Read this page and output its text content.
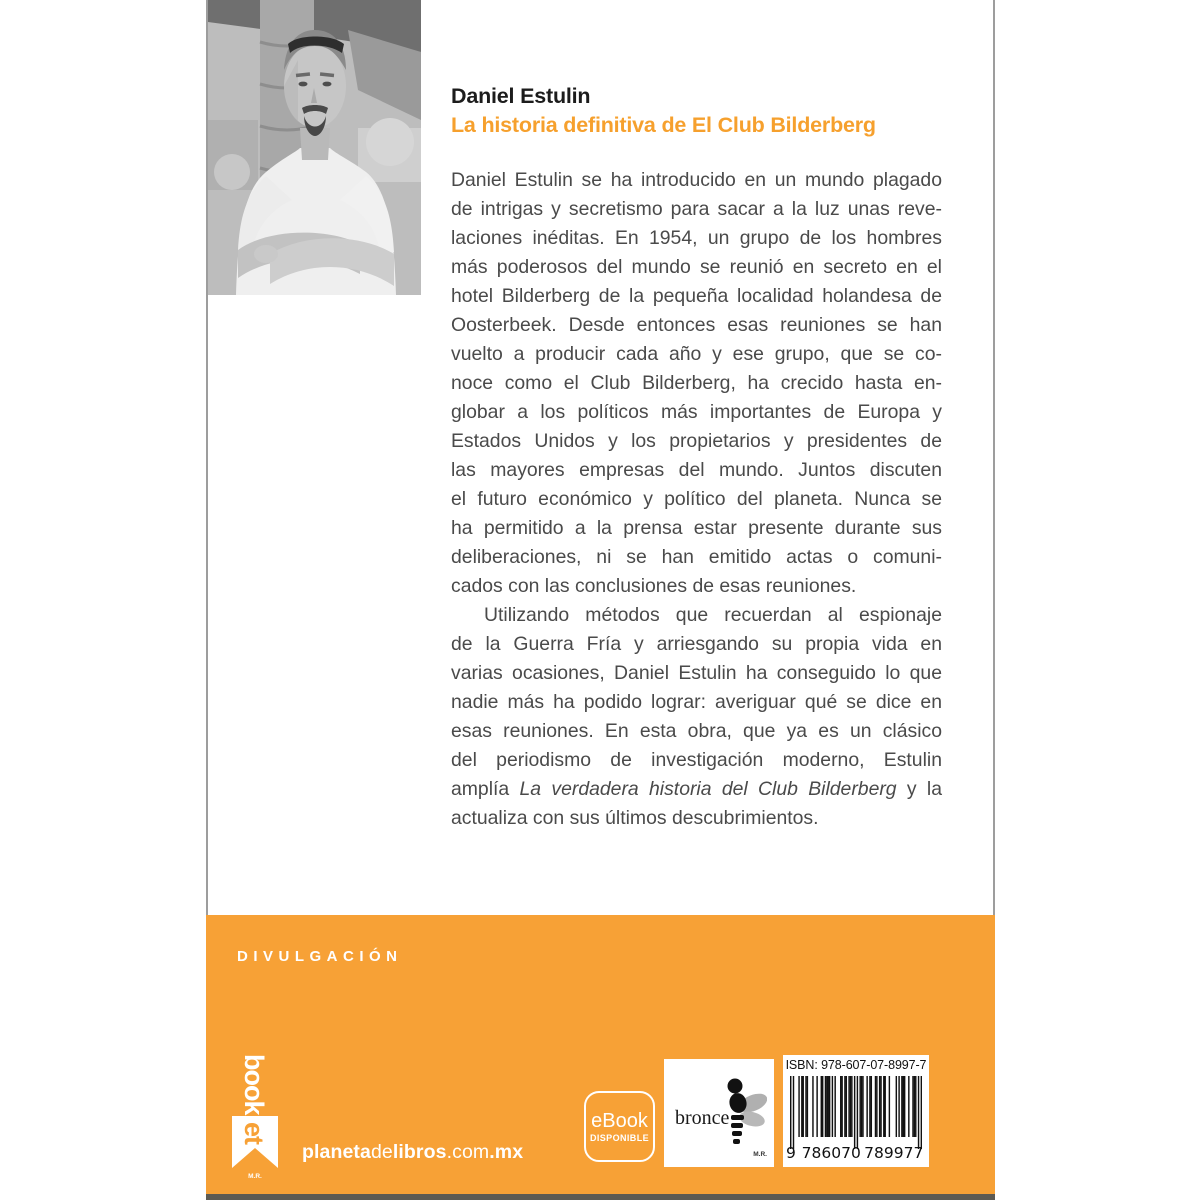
Daniel Estulin
La historia definitiva de El Club Bilderberg
Daniel Estulin se ha introducido en un mundo plagado
de intrigas y secretismo para sacar a la luz unas reve-
laciones inéditas. En 1954, un grupo de los hombres
más poderosos del mundo se reunió en secreto en el
hotel Bilderberg de la pequeña localidad holandesa de
Oosterbeek. Desde entonces esas reuniones se han
vuelto a producir cada año y ese grupo, que se co-
noce como el Club Bilderberg, ha crecido hasta en-
globar a los políticos más importantes de Europa y
Estados Unidos y los propietarios y presidentes de
las mayores empresas del mundo. Juntos discuten
el futuro económico y político del planeta. Nunca se
ha permitido a la prensa estar presente durante sus
deliberaciones, ni se han emitido actas o comuni-
cados con las conclusiones de esas reuniones.
Utilizando métodos que recuerdan al espionaje
de la Guerra Fría y arriesgando su propia vida en
varias ocasiones, Daniel Estulin ha conseguido lo que
nadie más ha podido lograr: averiguar qué se dice en
esas reuniones. En esta obra, que ya es un clásico
del periodismo de investigación moderno, Estulin
amplía La verdadera historia del Club Bilderberg y la
actualiza con sus últimos descubrimientos.
DIVULGACIÓN
book
et
M.R.
planetadelibros.com.mx
eBook
DISPONIBLE
bronce
M.R.
ISBN: 978-607-07-8997-7
9 786070 789977
